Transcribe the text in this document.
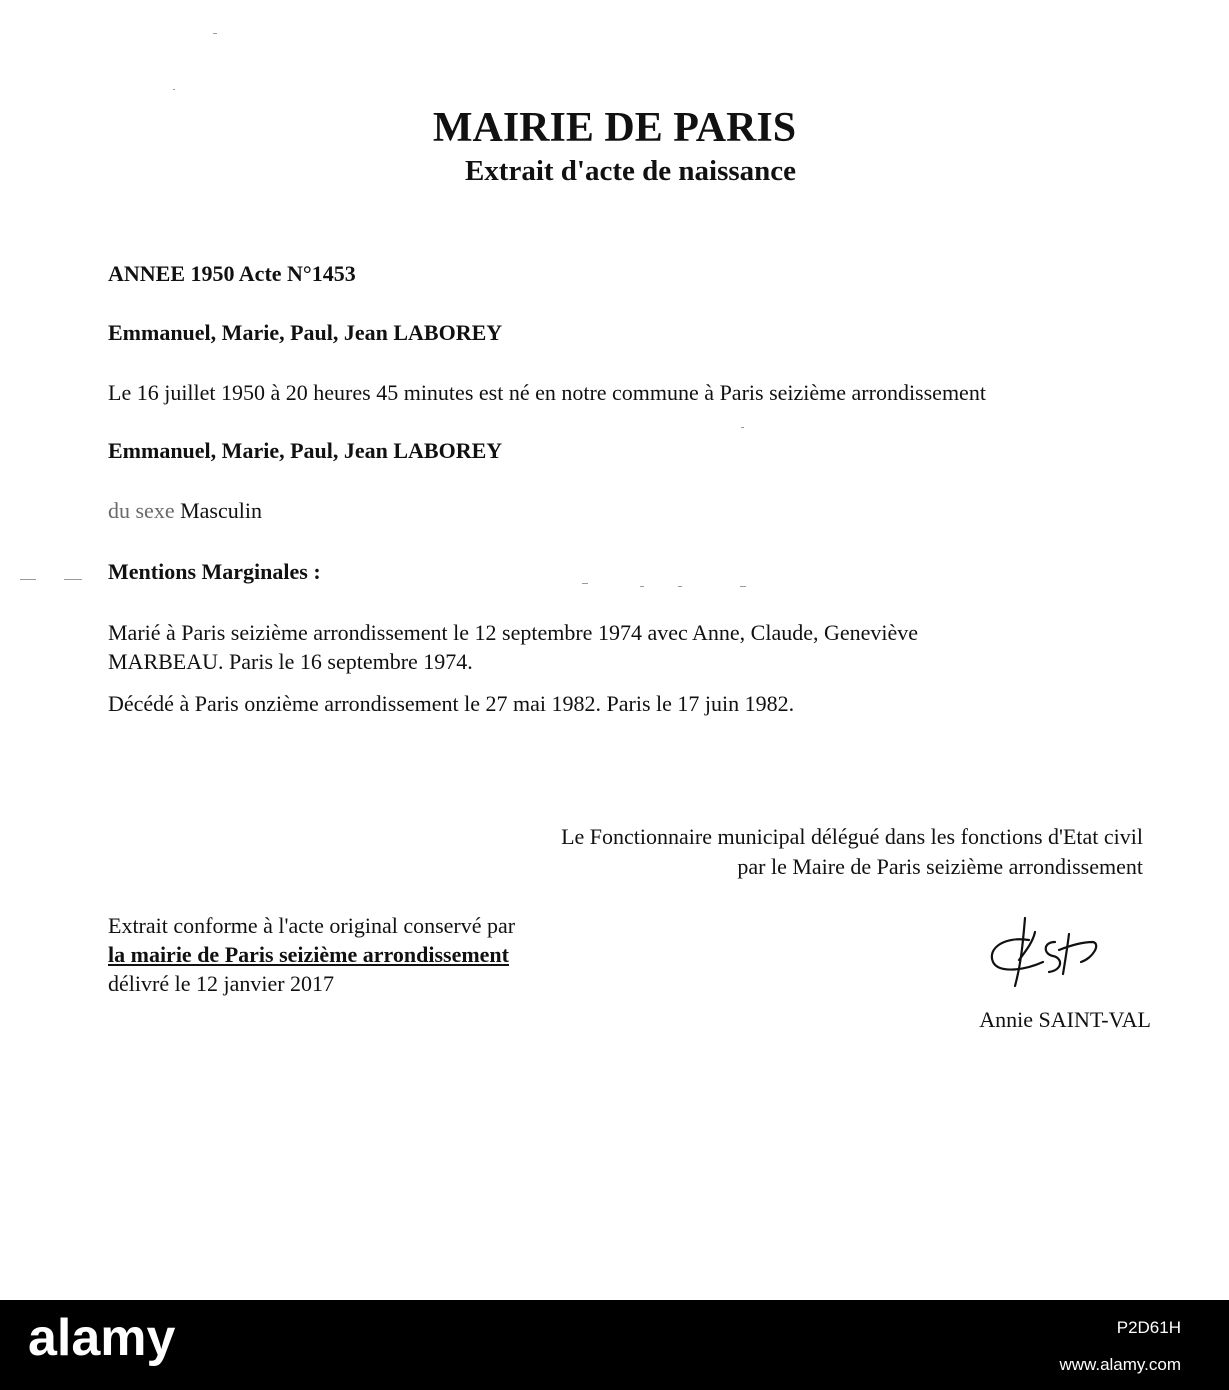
MAIRIE DE PARIS
Extrait d'acte de naissance

ANNEE 1950 Acte N°1453

Emmanuel, Marie, Paul, Jean LABOREY

Le 16 juillet 1950 à 20 heures 45 minutes est né en notre commune à Paris seizième arrondissement

Emmanuel, Marie, Paul, Jean LABOREY

du sexe Masculin

Mentions Marginales :

Marié à Paris seizième arrondissement le 12 septembre 1974 avec Anne, Claude, Geneviève

MARBEAU. Paris le 16 septembre 1974.

Décédé à Paris onzième arrondissement le 27 mai 1982. Paris le 17 juin 1982.

Le Fonctionnaire municipal délégué dans les fonctions d'Etat civil
par le Maire de Paris seizième arrondissement
Extrait conforme à l'acte original conservé par
la mairie de Paris seizième arrondissement
délivré le 12 janvier 2017
Annie SAINT-VAL
alamy	P2D61H
www.alamy.com
